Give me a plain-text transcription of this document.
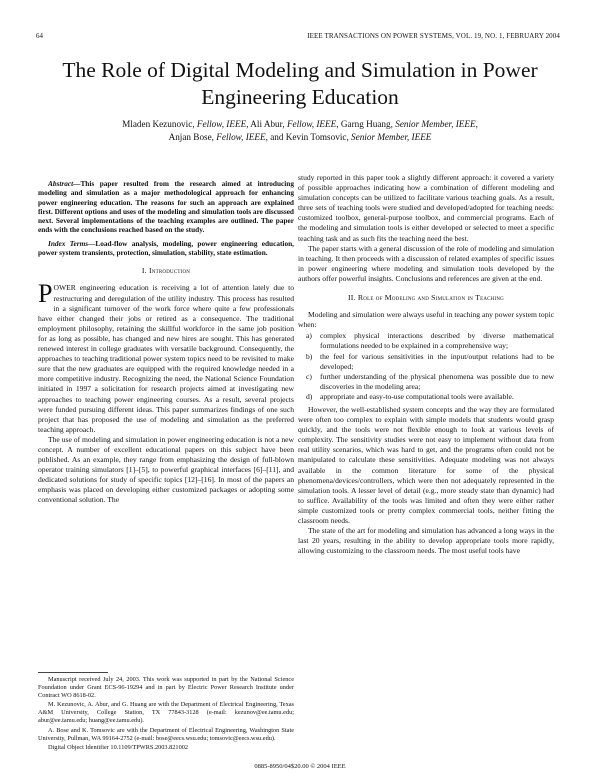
64	IEEE TRANSACTIONS ON POWER SYSTEMS, VOL. 19, NO. 1, FEBRUARY 2004
The Role of Digital Modeling and Simulation in Power Engineering Education
Mladen Kezunovic, Fellow, IEEE, Ali Abur, Fellow, IEEE, Garng Huang, Senior Member, IEEE,
Anjan Bose, Fellow, IEEE, and Kevin Tomsovic, Senior Member, IEEE

Abstract—This paper resulted from the research aimed at introducing modeling and simulation as a major methodological approach for enhancing power engineering education. The reasons for such an approach are explained first. Different options and uses of the modeling and simulation tools are discussed next. Several implementations of the teaching examples are outlined. The paper ends with the conclusions reached based on the study.

Index Terms—Load-flow analysis, modeling, power engineering education, power system transients, protection, simulation, stability, state estimation.

I. Introduction

POWER engineering education is receiving a lot of attention lately due to restructuring and deregulation of the utility industry. This process has resulted in a significant turnover of the work force where quite a few professionals have either changed their jobs or retired as a consequence. The traditional employment philosophy, retaining the skillful workforce in the same job position for as long as possible, has changed and new hires are sought. This has generated renewed interest in college graduates with versatile background. Consequently, the approaches to teaching traditional power system topics need to be revisited to make sure that the new graduates are equipped with the required knowledge needed in a more competitive industry. Recognizing the need, the National Science Foundation initiated in 1997 a solicitation for research projects aimed at investigating new approaches to teaching power engineering courses. As a result, several projects were funded pursuing different ideas. This paper summarizes findings of one such project that has proposed the use of modeling and simulation as the preferred teaching approach.

The use of modeling and simulation in power engineering education is not a new concept. A number of excellent educational papers on this subject have been published. As an example, they range from emphasizing the design of full-blown operator training simulators [1]–[5], to powerful graphical interfaces [6]–[11], and dedicated solutions for study of specific topics [12]–[16]. In most of the papers an emphasis was placed on developing either customized packages or adopting some conventional solution. The

study reported in this paper took a slightly different approach: it covered a variety of possible approaches indicating how a combination of different modeling and simulation concepts can be utilized to facilitate various teaching goals. As a result, three sets of teaching tools were studied and developed/adopted for teaching needs: customized toolbox, general-purpose toolbox, and commercial programs. Each of the modeling and simulation tools is either developed or selected to meet a specific teaching task and as such fits the teaching need the best.

The paper starts with a general discussion of the role of modeling and simulation in teaching. It then proceeds with a discussion of related examples of specific issues in power engineering where modeling and simulation tools developed by the authors offer powerful insights. Conclusions and references are given at the end.

II. Role of Modeling and Simulation in Teaching

Modeling and simulation were always useful in teaching any power system topic when:

a) complex physical interactions described by diverse mathematical formulations needed to be explained in a comprehensive way;
b) the feel for various sensitivities in the input/output relations had to be developed;
c) further understanding of the physical phenomena was possible due to new discoveries in the modeling area;
d) appropriate and easy-to-use computational tools were available.

However, the well-established system concepts and the way they are formulated were often too complex to explain with simple models that students would grasp quickly, and the tools were not flexible enough to look at various levels of complexity. The sensitivity studies were not easy to implement without data from real utility scenarios, which was hard to get, and the programs often could not be manipulated to calculate these sensitivities. Adequate modeling was not always available in the common literature for some of the physical phenomena/devices/controllers, which were then not adequately represented in the simulation tools. A lesser level of detail (e.g., more steady state than dynamic) had to suffice. Availability of the tools was limited and often they were either rather simple customized tools or pretty complex commercial tools, neither fitting the classroom needs.

The state of the art for modeling and simulation has advanced a long ways in the last 20 years, resulting in the ability to develop appropriate tools more rapidly, allowing customizing to the classroom needs. The most useful tools have

Manuscript received July 24, 2003. This work was supported in part by the National Science Foundation under Grant ECS-96-19294 and in part by Electric Power Research Institute under Contract WO 8618-02.

M. Kezunovic, A. Abur, and G. Huang are with the Department of Electrical Engineering, Texas A&M University, College Station, TX 77843-3128 (e-mail: kezunov@ee.tamu.edu; abur@ee.tamu.edu; huang@ee.tamu.edu).

A. Bose and K. Tomsovic are with the Department of Electrical Engineering, Washington State University, Pullman, WA 99164-2752 (e-mail: bose@eecs.wsu.edu; tomsovic@eecs.wsu.edu).

Digital Object Identifier 10.1109/TPWRS.2003.821002

0885-8950/04$20.00 © 2004 IEEE
